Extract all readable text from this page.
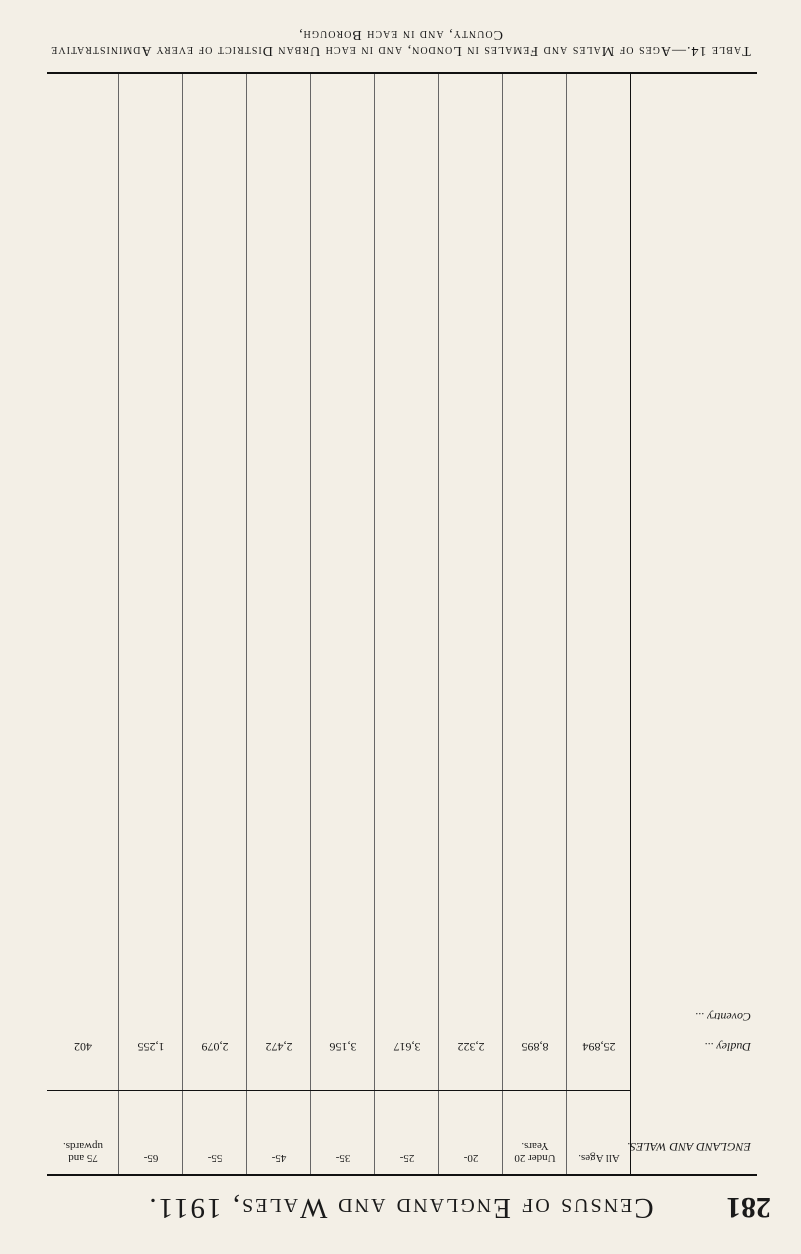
281
Census of England and Wales, 1911.
ENGLAND AND WALES.
Dudley ...
Coventry ...
All Ages.
25,894
Under 20 Years.
8,895
20-
2,322
25-
3,617
35-
3,156
45-
2,472
55-
2,079
65-
1,255
75 and upwards.
402
Table 14.—Ages of Males and Females in London, and in each Urban District of every Administrative County, and in each Borough,
